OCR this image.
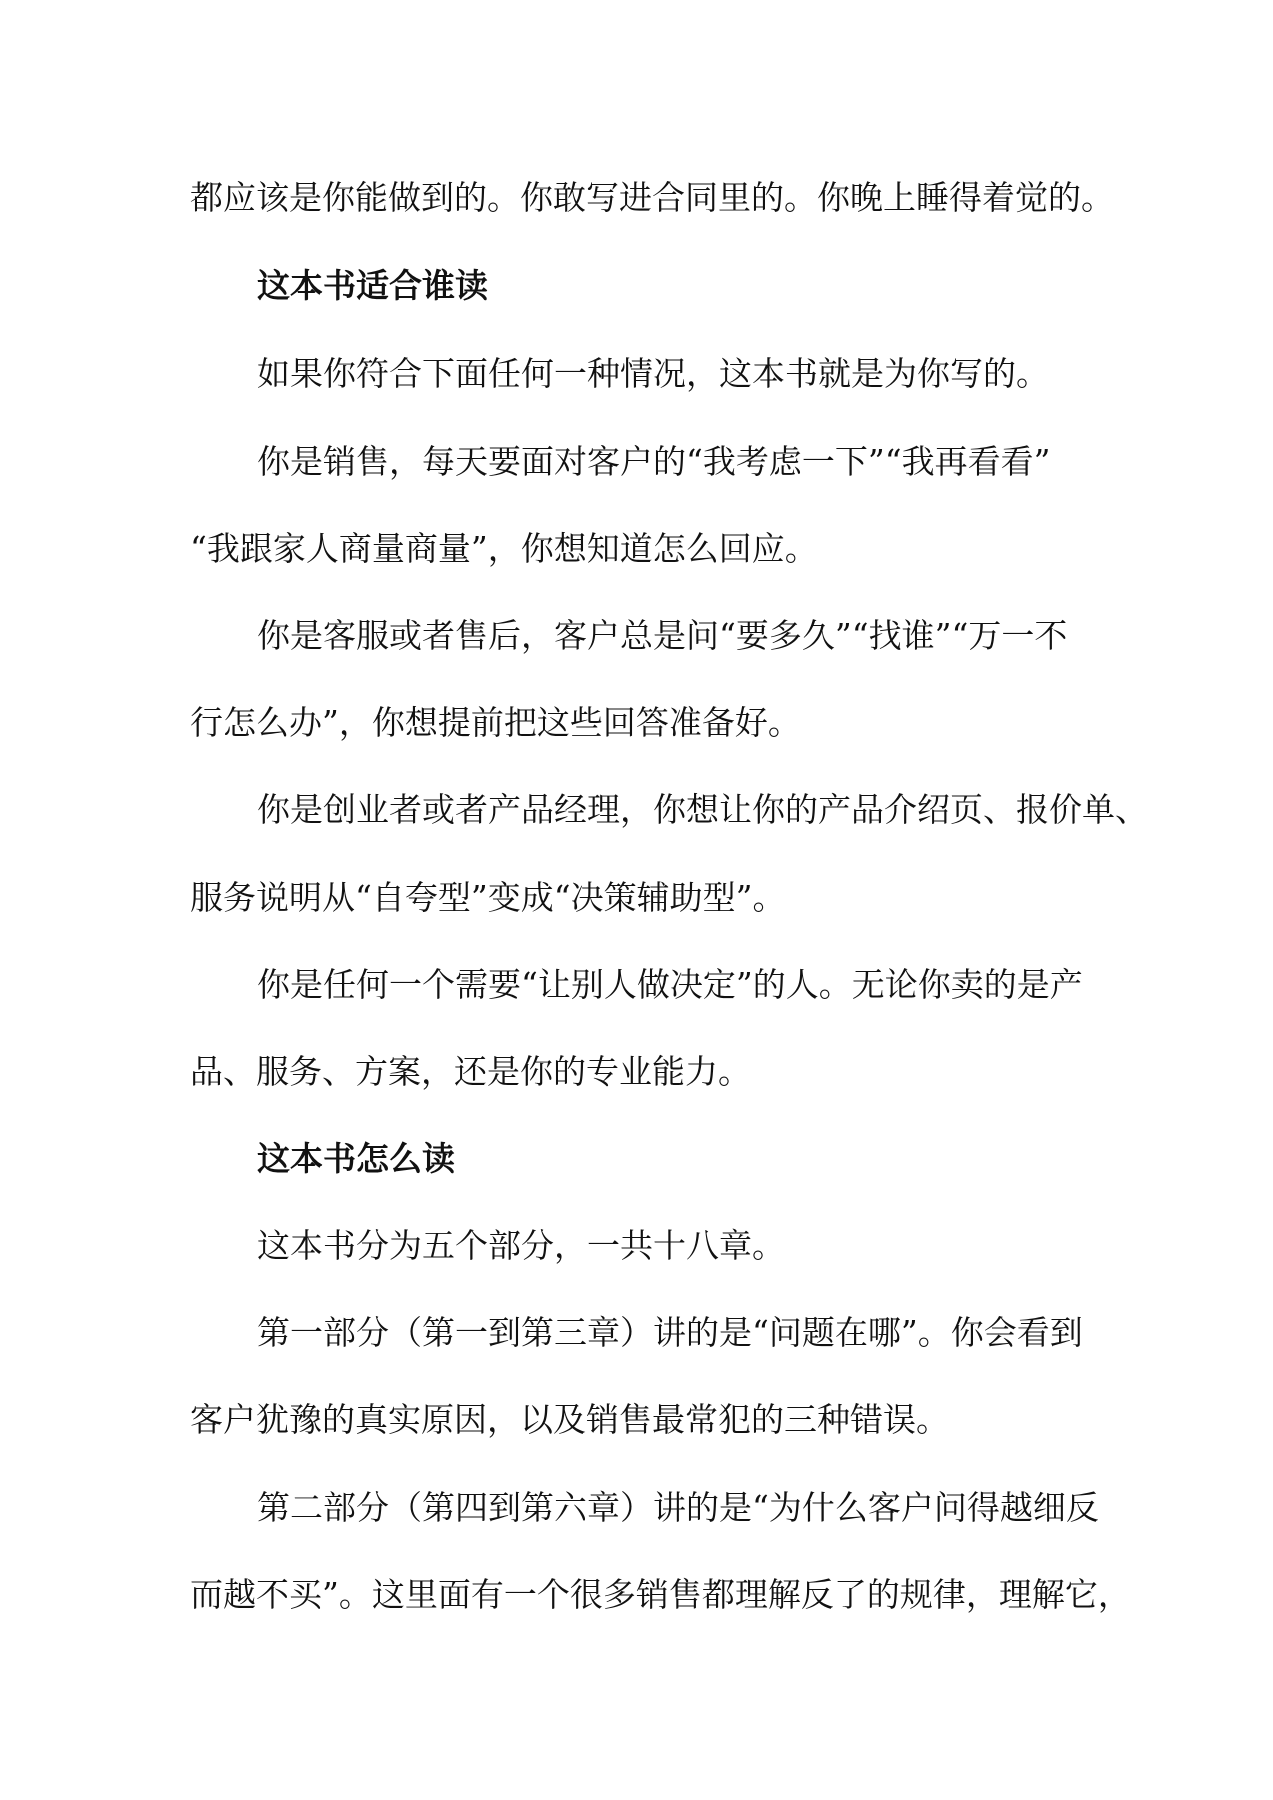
都应该是你能做到的。你敢写进合同里的。你晚上睡得着觉的。
这本书适合谁读
如果你符合下面任何一种情况，这本书就是为你写的。
你是销售，每天要面对客户的“我考虑一下”“我再看看”
“我跟家人商量商量”，你想知道怎么回应。
你是客服或者售后，客户总是问“要多久”“找谁”“万一不
行怎么办”，你想提前把这些回答准备好。
你是创业者或者产品经理，你想让你的产品介绍页、报价单、
服务说明从“自夸型”变成“决策辅助型”。
你是任何一个需要“让别人做决定”的人。无论你卖的是产
品、服务、方案，还是你的专业能力。
这本书怎么读
这本书分为五个部分，一共十八章。
第一部分（第一到第三章）讲的是“问题在哪”。你会看到
客户犹豫的真实原因，以及销售最常犯的三种错误。
第二部分（第四到第六章）讲的是“为什么客户问得越细反
而越不买”。这里面有一个很多销售都理解反了的规律，理解它，
